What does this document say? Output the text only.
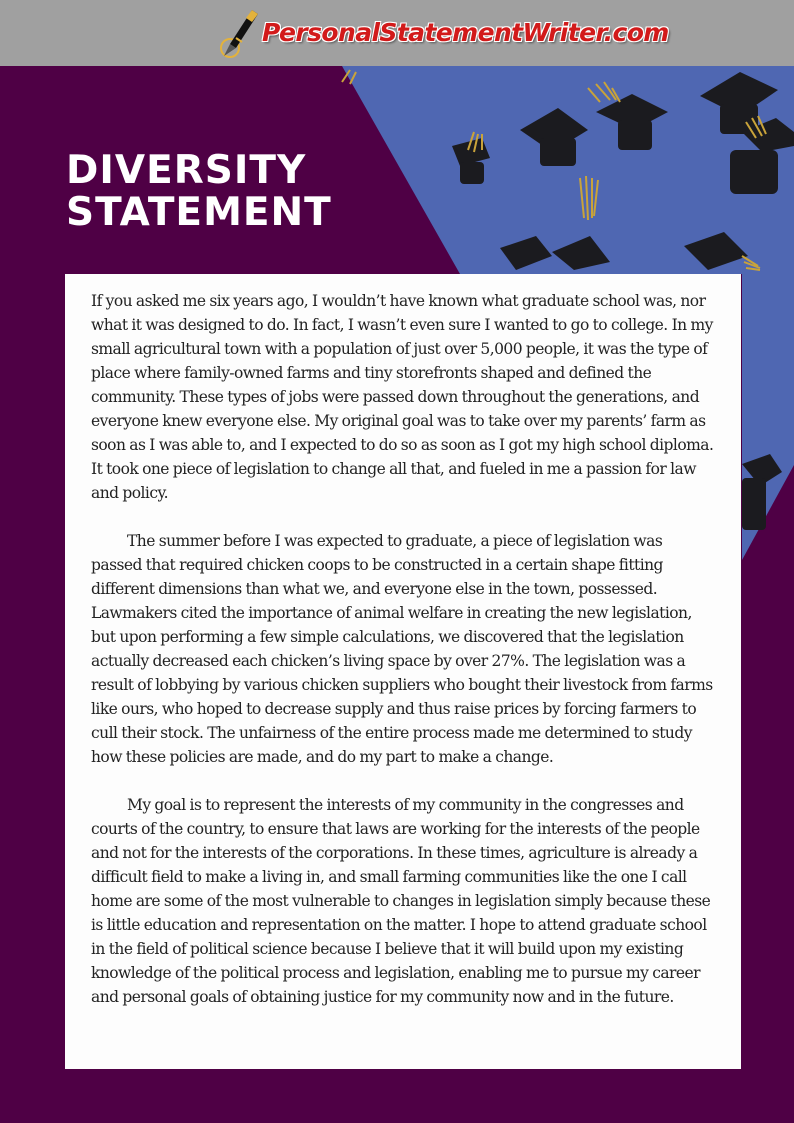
PersonalStatementWriter.com
DIVERSITY
STATEMENT

If you asked me six years ago, I wouldn’t have known what graduate school was, nor what it was designed to do. In fact, I wasn’t even sure I wanted to go to college. In my small agricultural town with a population of just over 5,000 people, it was the type of place where family-owned farms and tiny storefronts shaped and defined the community. These types of jobs were passed down throughout the generations, and everyone knew everyone else. My original goal was to take over my parents’ farm as soon as I was able to, and I expected to do so as soon as I got my high school diploma. It took one piece of legislation to change all that, and fueled in me a passion for law and policy.

The summer before I was expected to graduate, a piece of legislation was passed that required chicken coops to be constructed in a certain shape fitting different dimensions than what we, and everyone else in the town, possessed. Lawmakers cited the importance of animal welfare in creating the new legislation, but upon performing a few simple calculations, we discovered that the legislation actually decreased each chicken’s living space by over 27%. The legislation was a result of lobbying by various chicken suppliers who bought their livestock from farms like ours, who hoped to decrease supply and thus raise prices by forcing farmers to cull their stock. The unfairness of the entire process made me determined to study how these policies are made, and do my part to make a change.

My goal is to represent the interests of my community in the congresses and courts of the country, to ensure that laws are working for the interests of the people and not for the interests of the corporations. In these times, agriculture is already a difficult field to make a living in, and small farming communities like the one I call home are some of the most vulnerable to changes in legislation simply because these is little education and representation on the matter. I hope to attend graduate school in the field of political science because I believe that it will build upon my existing knowledge of the political process and legislation, enabling me to pursue my career and personal goals of obtaining justice for my community now and in the future.
